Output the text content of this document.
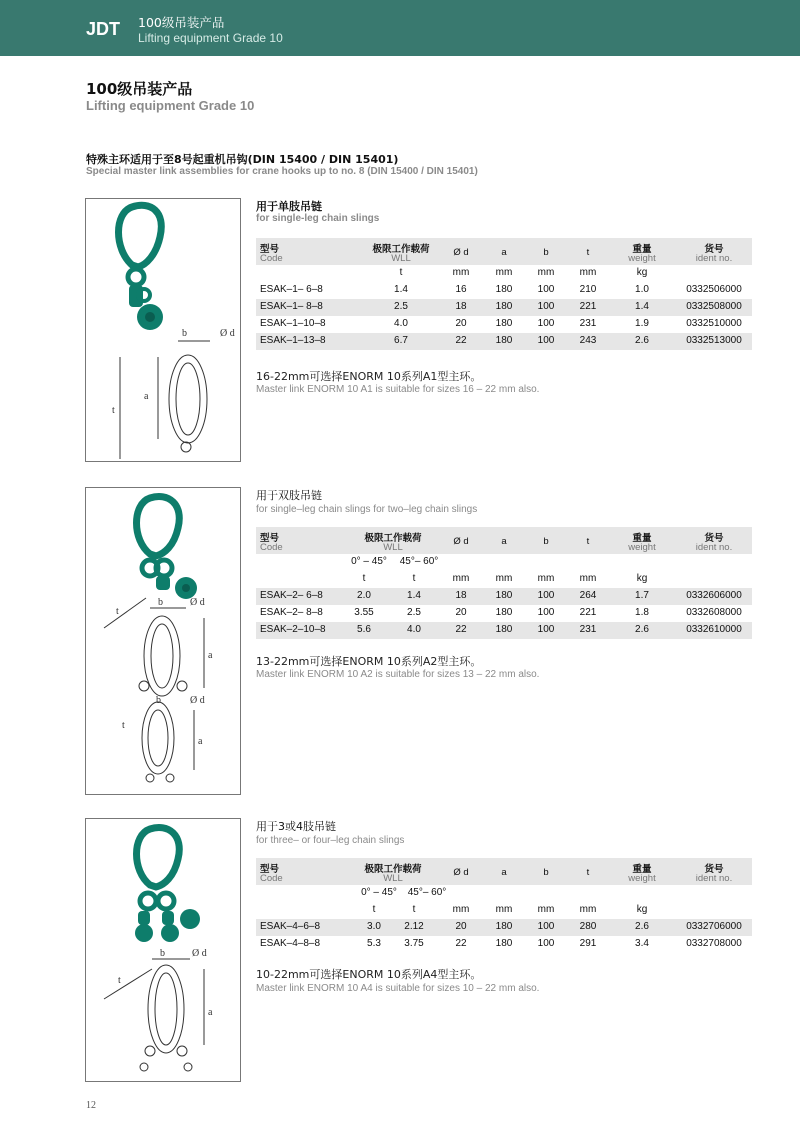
JDT 100级吊装产品
Lifting equipment Grade 10
100级吊装产品
Lifting equipment Grade 10
特殊主环适用于至8号起重机吊钩(DIN 15400 / DIN 15401)
Special master link assemblies for crane hooks up to no. 8 (DIN 15400 / DIN 15401)
b	Ø d
a
t
用于单肢吊链
for single-leg chain slings
型号
Code
极限工作载荷
WLL
Ø d	a	b	t	重量
weight
货号
ident no.
t	mm	mm	mm	mm	kg
ESAK–1– 6–8	1.4	16	180	100	210	1.0	0332506000
ESAK–1– 8–8	2.5	18	180	100	221	1.4	0332508000
ESAK–1–10–8	4.0	20	180	100	231	1.9	0332510000
ESAK–1–13–8	6.7	22	180	100	243	2.6	0332513000
16-22mm可选择ENORM 10系列A1型主环。
Master link ENORM 10 A1 is suitable for sizes 16 – 22 mm also.
b	Ø d
a
t
b	Ø d
a
t
用于双肢吊链
for single–leg chain slings for two–leg chain slings
型号
Code
极限工作载荷
WLL
Ø d	a	b	t	重量
weight
货号
ident no.
0° – 45°	45°– 60°
t	t	mm	mm	mm	mm	kg
ESAK–2– 6–8	2.0	1.4	18	180	100	264	1.7	0332606000
ESAK–2– 8–8	3.55	2.5	20	180	100	221	1.8	0332608000
ESAK–2–10–8	5.6	4.0	22	180	100	231	2.6	0332610000
13-22mm可选择ENORM 10系列A2型主环。
Master link ENORM 10 A2 is suitable for sizes 13 – 22 mm also.
b	Ø d
a
t
用于3或4肢吊链
for three– or four–leg chain slings
型号
Code
极限工作载荷
WLL
Ø d	a	b	t	重量
weight
货号
ident no.
0° – 45°	45°– 60°
t	t	mm	mm	mm	mm	kg
ESAK–4–6–8	3.0	2.12	20	180	100	280	2.6	0332706000
ESAK–4–8–8	5.3	3.75	22	180	100	291	3.4	0332708000
10-22mm可选择ENORM 10系列A4型主环。
Master link ENORM 10 A4 is suitable for sizes 10 – 22 mm also.
12
